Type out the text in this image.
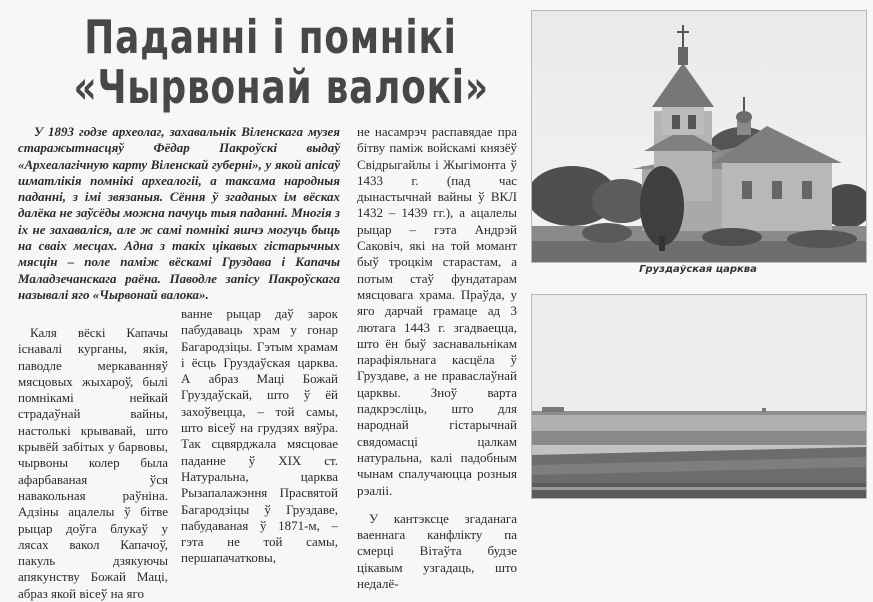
Паданні і помнікі
«Чырвонай валокі»

У 1893 годзе археолаг, захавальнік Віленскага музея старажытнасцяў Фёдар Пакроўскі выдаў «Археалагічную карту Віленскай губерні», у якой апісаў шматлікія помнікі археалогіі, а таксама народныя паданні, з імі звязаныя. Сёння ў згаданых ім вёсках далёка не заўсёды можна пачуць тыя паданні. Многія з іх не захаваліся, але ж самі помнікі яшчэ могуць быць на сваіх месцах. Адна з такіх цікавых гістарычных мясцін – поле паміж вёскамі Груздава і Капачы Маладзечанскага раёна. Паводле запісу Пакроўскага называлі яго «Чырвонай валока».

Каля вёскі Капачы існавалі курганы, якія, паводле меркаванняў мясцовых жыхароў, былі помнікамі нейкай стрaдаўнай вайны, настолькі крывавай, што крывёй забітых у барвовы, чырвоны колер была афарбаваная ўся навакольная раўніна. Адзіны ацалелы ў бітве рыцар доўга блукаў у лясах вакол Капачоў, пакуль дзякуючы апякунству Божай Маці, абраз якой вісеў на яго

ванне рыцар даў зарок пабудаваць храм у гонар Багародзіцы. Гэтым храмам і ёсць Груздаўская царква. А абраз Маці Божай Груздаўскай, што ў ёй захоўвецца, – той самы, што вісеў на грудзях вяўра. Так сцвярджала мясцовае паданне ў ХІХ ст. Натуральна, царква Рызапалажэння Прасвятой Багародзіцы ў Груздаве, пабудаваная ў 1871-м, – гэта не той самы, першапачатковы,

не насамрэч распавядае пра бітву паміж войскамі князёў Свідрыгайлы і Жыгімонта ў 1433 г. (пад час дынастычнай вайны ў ВКЛ 1432 – 1439 гг.), а ацалелы рыцар – гэта Андрэй Саковіч, які на той момант быў троцкім старастам, а потым стаў фундатарам мясцовага храма. Праўда, у яго дарчай грамаце ад 3 лютага 1443 г. згадваецца, што ён быў заснавальнікам парафіяльнага касцёла ў Груздаве, а не праваслаўнай царквы. Зноў варта падкрэсліць, што для народнай гістарычнай свядомасці цалкам натуральна, калі падобным чынам спалучаюцца розныя рэаліі.

У кантэксце згаданага ваеннага канфлікту па смерці Вітаўта будзе цікавым узгадаць, што недалё-

Груздаўская царква
